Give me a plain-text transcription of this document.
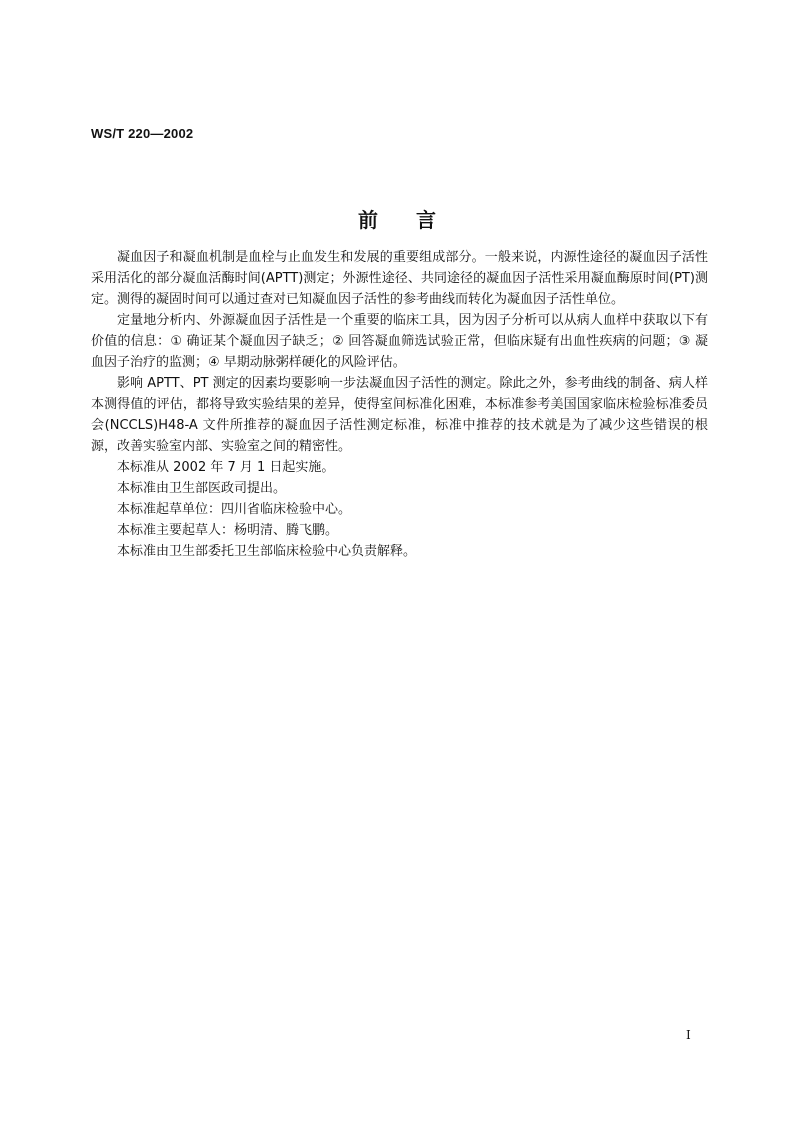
WS/T 220—2002
前言

凝血因子和凝血机制是血栓与止血发生和发展的重要组成部分。一般来说，内源性途径的凝血因子活性采用活化的部分凝血活酶时间(APTT)测定；外源性途径、共同途径的凝血因子活性采用凝血酶原时间(PT)测定。测得的凝固时间可以通过查对已知凝血因子活性的参考曲线而转化为凝血因子活性单位。

定量地分析内、外源凝血因子活性是一个重要的临床工具，因为因子分析可以从病人血样中获取以下有价值的信息：① 确证某个凝血因子缺乏；② 回答凝血筛选试验正常，但临床疑有出血性疾病的问题；③ 凝血因子治疗的监测；④ 早期动脉粥样硬化的风险评估。

影响 APTT、PT 测定的因素均要影响一步法凝血因子活性的测定。除此之外，参考曲线的制备、病人样本测得值的评估，都将导致实验结果的差异，使得室间标准化困难，本标准参考美国国家临床检验标准委员会(NCCLS)H48-A 文件所推荐的凝血因子活性测定标准，标准中推荐的技术就是为了减少这些错误的根源，改善实验室内部、实验室之间的精密性。

本标准从 2002 年 7 月 1 日起实施。

本标准由卫生部医政司提出。

本标准起草单位：四川省临床检验中心。

本标准主要起草人：杨明清、腾飞鹏。

本标准由卫生部委托卫生部临床检验中心负责解释。

I
